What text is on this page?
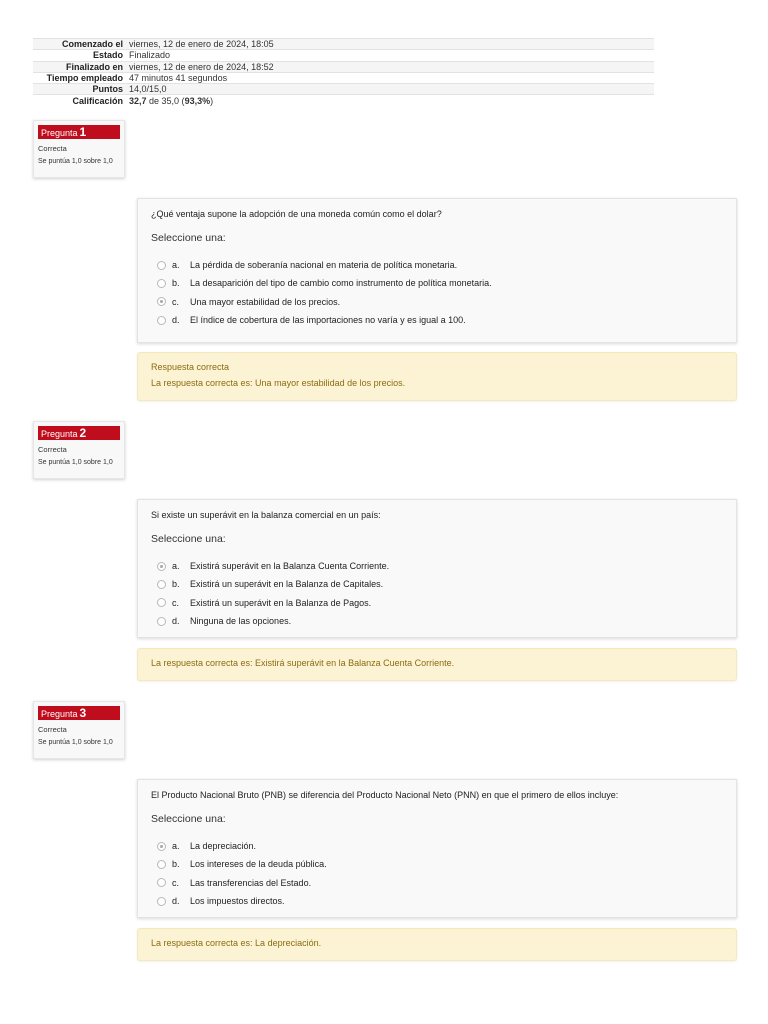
Comenzado el	viernes, 12 de enero de 2024, 18:05
Estado	Finalizado
Finalizado en	viernes, 12 de enero de 2024, 18:52
Tiempo empleado	47 minutos 41 segundos
Puntos	14,0/15,0
Calificación	32,7 de 35,0 (93,3%)
Pregunta 1
Correcta
Se puntúa 1,0 sobre 1,0
¿Qué ventaja supone la adopción de una moneda común como el dolar?
Seleccione una:
a.	La pérdida de soberanía nacional en materia de política monetaria.
b.	La desaparición del tipo de cambio como instrumento de política monetaria.
c.	Una mayor estabilidad de los precios.
d.	El índice de cobertura de las importaciones no varía y es igual a 100.
Respuesta correcta
La respuesta correcta es: Una mayor estabilidad de los precios.
Pregunta 2
Correcta
Se puntúa 1,0 sobre 1,0
Si existe un superávit en la balanza comercial en un país:
Seleccione una:
a.	Existirá superávit en la Balanza Cuenta Corriente.
b.	Existirá un superávit en la Balanza de Capitales.
c.	Existirá un superávit en la Balanza de Pagos.
d.	Ninguna de las opciones.
La respuesta correcta es: Existirá superávit en la Balanza Cuenta Corriente.
Pregunta 3
Correcta
Se puntúa 1,0 sobre 1,0
El Producto Nacional Bruto (PNB) se diferencia del Producto Nacional Neto (PNN) en que el primero de ellos incluye:
Seleccione una:
a.	La depreciación.
b.	Los intereses de la deuda pública.
c.	Las transferencias del Estado.
d.	Los impuestos directos.
La respuesta correcta es: La depreciación.
